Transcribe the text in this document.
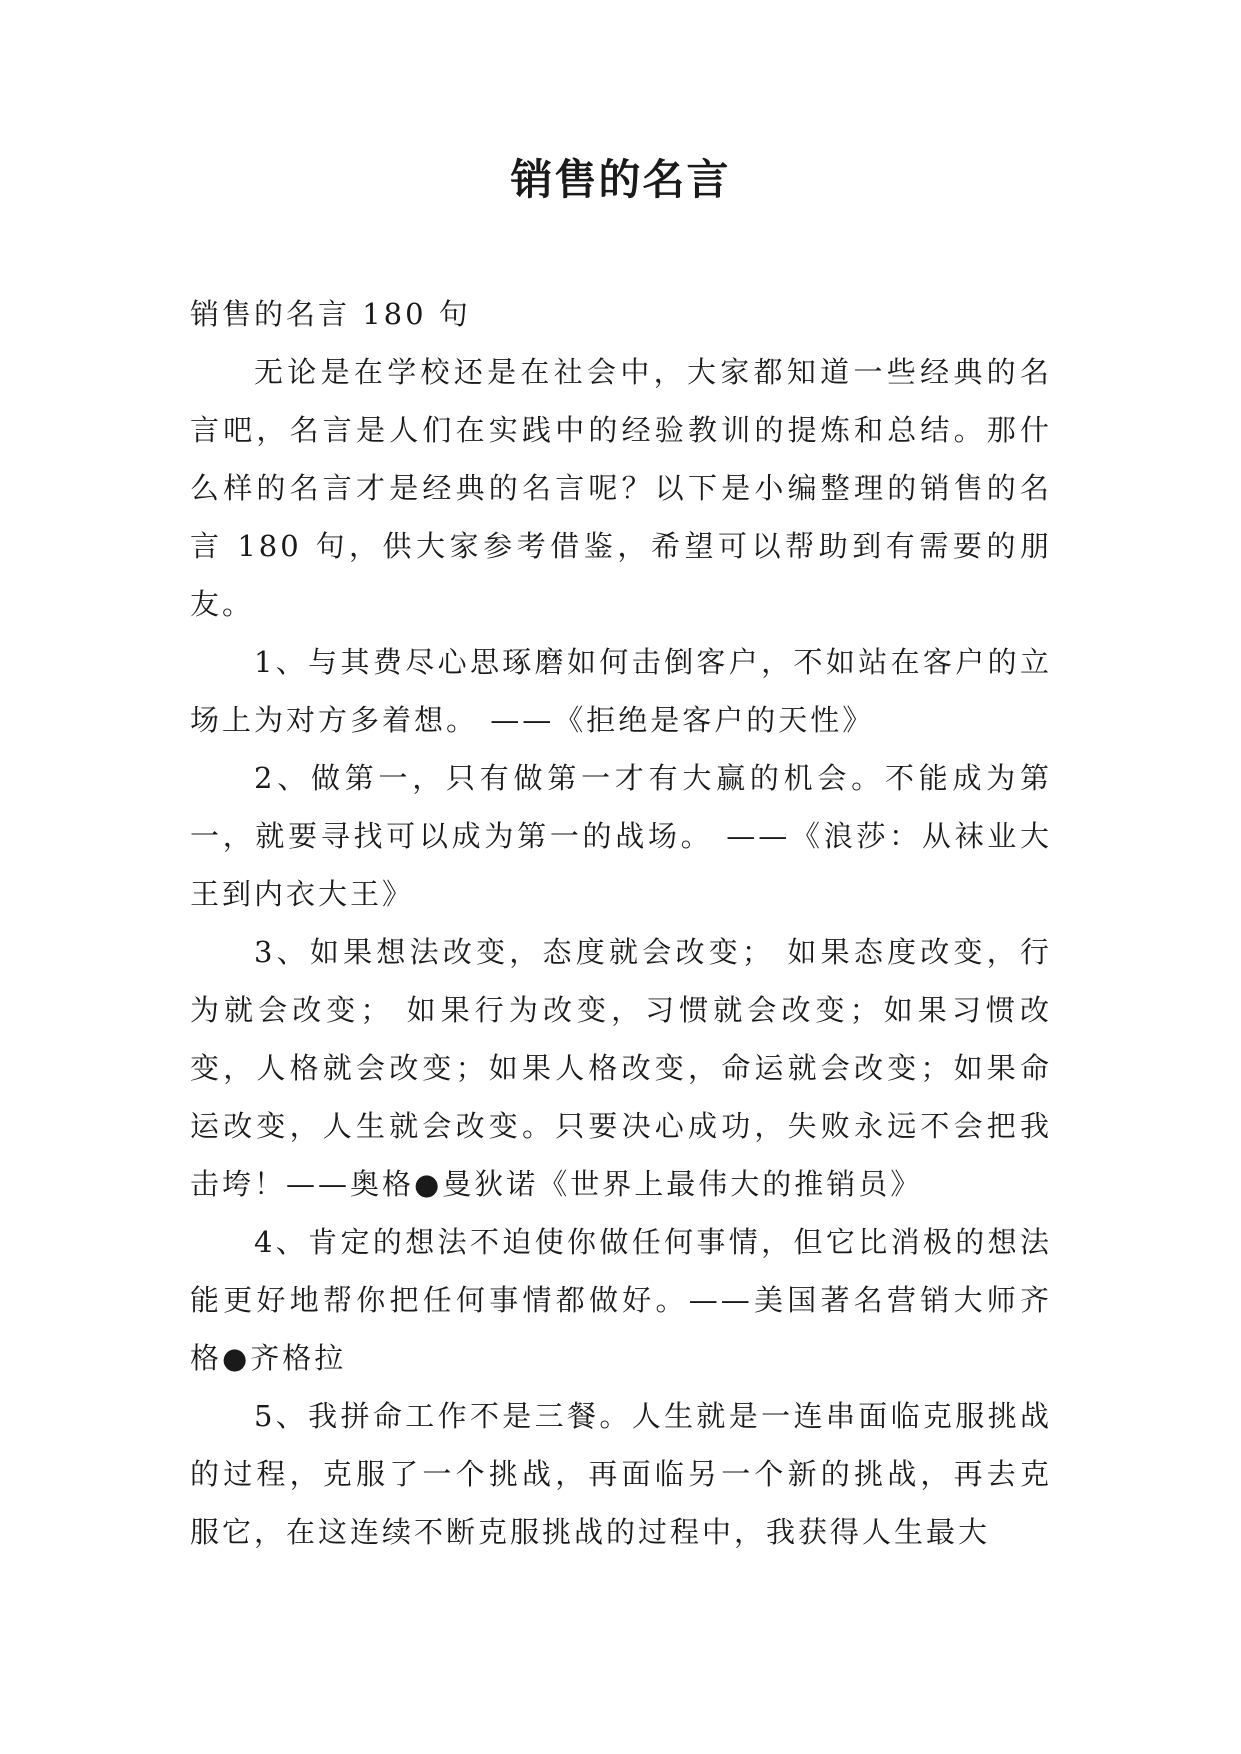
销售的名言

销售的名言 180 句

无论是在学校还是在社会中，大家都知道一些经典的名言吧，名言是人们在实践中的经验教训的提炼和总结。那什么样的名言才是经典的名言呢？以下是小编整理的销售的名言 180 句，供大家参考借鉴，希望可以帮助到有需要的朋友。

1、与其费尽心思琢磨如何击倒客户，不如站在客户的立场上为对方多着想。 ——《拒绝是客户的天性》

2、做第一，只有做第一才有大赢的机会。不能成为第一，就要寻找可以成为第一的战场。 ——《浪莎：从袜业大王到内衣大王》

3、如果想法改变，态度就会改变； 如果态度改变，行为就会改变； 如果行为改变，习惯就会改变；如果习惯改变，人格就会改变；如果人格改变，命运就会改变；如果命运改变，人生就会改变。只要决心成功，失败永远不会把我击垮！——奥格●曼狄诺《世界上最伟大的推销员》

4、肯定的想法不迫使你做任何事情，但它比消极的想法能更好地帮你把任何事情都做好。——美国著名营销大师齐格●齐格拉

5、我拼命工作不是三餐。人生就是一连串面临克服挑战的过程，克服了一个挑战，再面临另一个新的挑战，再去克服它，在这连续不断克服挑战的过程中，我获得人生最大
